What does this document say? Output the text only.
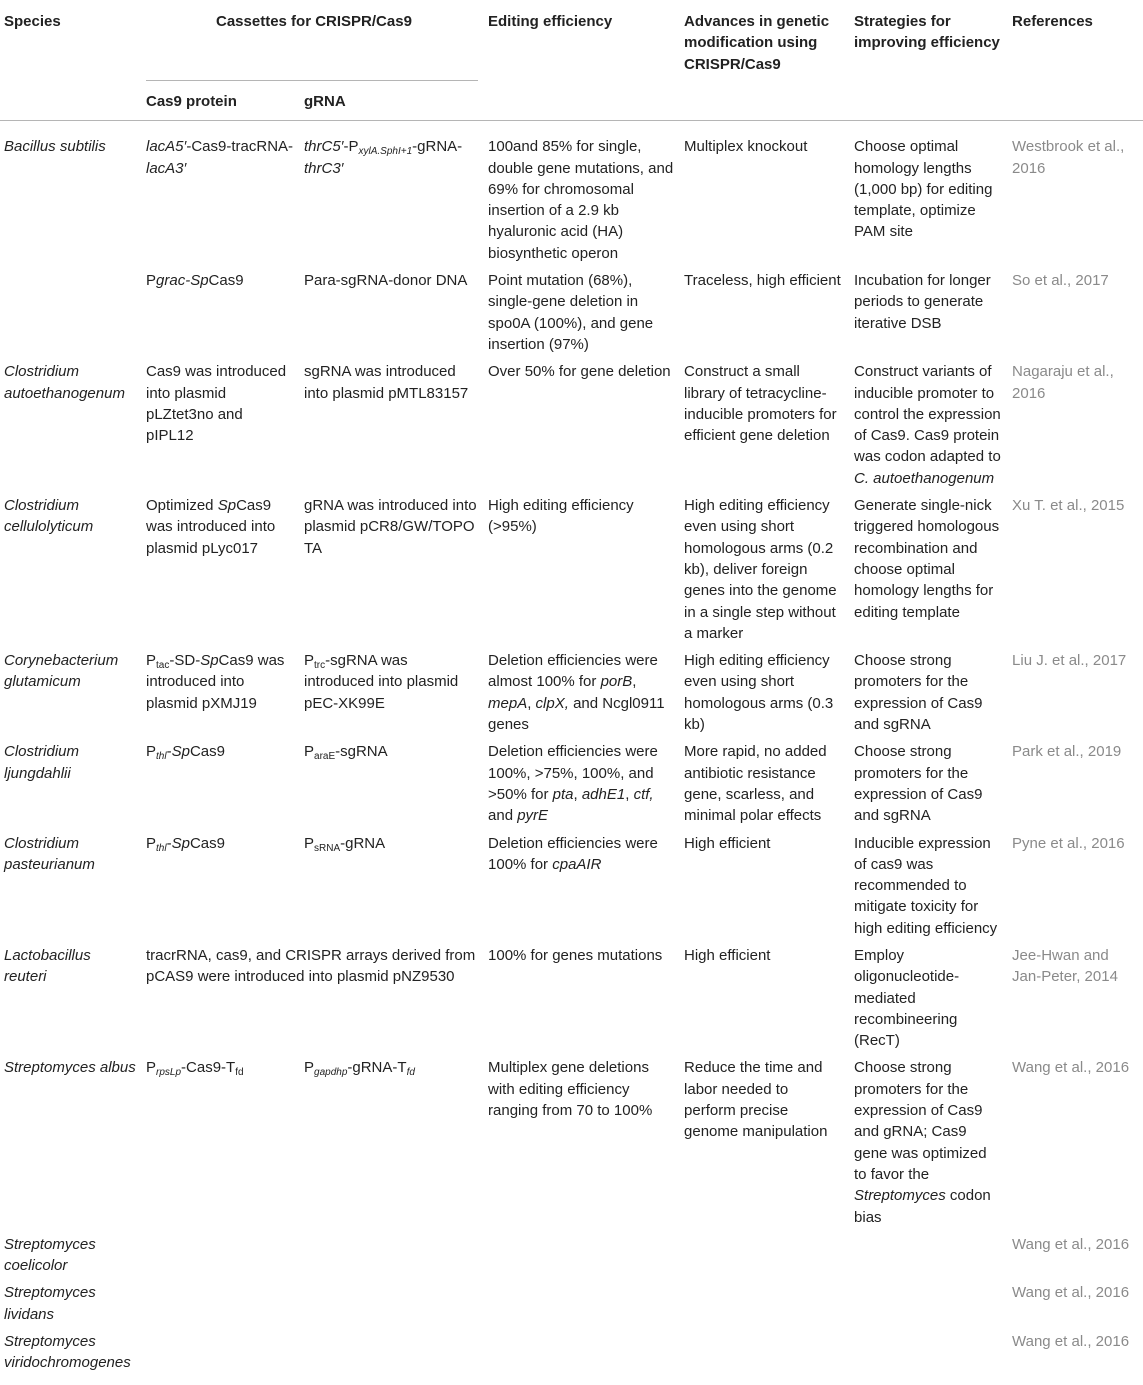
Species	Cassettes for CRISPR/Cas9		Editing efficiency	Advances in genetic modification using CRISPR/Cas9	Strategies for improving efficiency	References
	Cas9 protein	gRNA				
Bacillus subtilis	lacA5′-Cas9-tracRNA-lacA3′	$thrC5'-P_{xylA.SphI+1}-gRNA-thrC3'$	100and 85% for single, double gene mutations, and 69% for chromosomal insertion of a 2.9 kb hyaluronic acid (HA) biosynthetic operon	Multiplex knockout	Choose optimal homology lengths (1,000 bp) for editing template, optimize PAM site	Westbrook et al., 2016
	Pgrac-SpCas9	Para-sgRNA-donor DNA	Point mutation (68%), single-gene deletion in spo0A (100%), and gene insertion (97%)	Traceless, high efficient	Incubation for longer periods to generate iterative DSB	So et al., 2017
Clostridium autoethanogenum	Cas9 was introduced into plasmid pLZtet3no and pIPL12	sgRNA was introduced into plasmid pMTL83157	Over 50% for gene deletion	Construct a small library of tetracycline-inducible promoters for efficient gene deletion	Construct variants of inducible promoter to control the expression of Cas9. Cas9 protein was codon adapted to C. autoethanogenum	Nagaraju et al., 2016
Clostridium cellulolyticum	Optimized SpCas9 was introduced into plasmid pLyc017	gRNA was introduced into plasmid pCR8/GW/TOPO TA	High editing efficiency (>95%)	High editing efficiency even using short homologous arms (0.2 kb), deliver foreign genes into the genome in a single step without a marker	Generate single-nick triggered homologous recombination and choose optimal homology lengths for editing template	Xu T. et al., 2015
Corynebacterium glutamicum	$P_{tac}-SD-SpCas9$ was introduced into plasmid pXMJ19	$P_{trc}$-sgRNA was introduced into plasmid pEC-XK99E	Deletion efficiencies were almost 100% for porB, mepA, clpX, and Ncgl0911 genes	High editing efficiency even using short homologous arms (0.3 kb)	Choose strong promoters for the expression of Cas9 and sgRNA	Liu J. et al., 2017
Clostridium ljungdahlii	$P_{thl}-SpCas9$	$P_{araE}$-sgRNA	Deletion efficiencies were 100%, >75%, 100%, and >50% for pta, adhE1, ctf, and pyrE	More rapid, no added antibiotic resistance gene, scarless, and minimal polar effects	Choose strong promoters for the expression of Cas9 and sgRNA	Park et al., 2019
Clostridium pasteurianum	$P_{thl}-SpCas9$	$P_{sRNA}$-gRNA	Deletion efficiencies were 100% for cpaAIR	High efficient	Inducible expression of cas9 was recommended to mitigate toxicity for high editing efficiency	Pyne et al., 2016
Lactobacillus reuteri	tracrRNA, cas9, and CRISPR arrays derived from pCAS9 were introduced into plasmid pNZ9530		100% for genes mutations	High efficient	Employ oligonucleotide-mediated recombineering (RecT)	Jee-Hwan and Jan-Peter, 2014
Streptomyces albus	$P_{rpsLp}-Cas9-T_{fd}$	$P_{gapdhp}-gRNA-T_{fd}$	Multiplex gene deletions with editing efficiency ranging from 70 to 100%	Reduce the time and labor needed to perform precise genome manipulation	Choose strong promoters for the expression of Cas9 and gRNA; Cas9 gene was optimized to favor the Streptomyces codon bias	Wang et al., 2016
Streptomyces coelicolor						Wang et al., 2016
Streptomyces lividans						Wang et al., 2016
Streptomyces viridochromogenes						Wang et al., 2016
